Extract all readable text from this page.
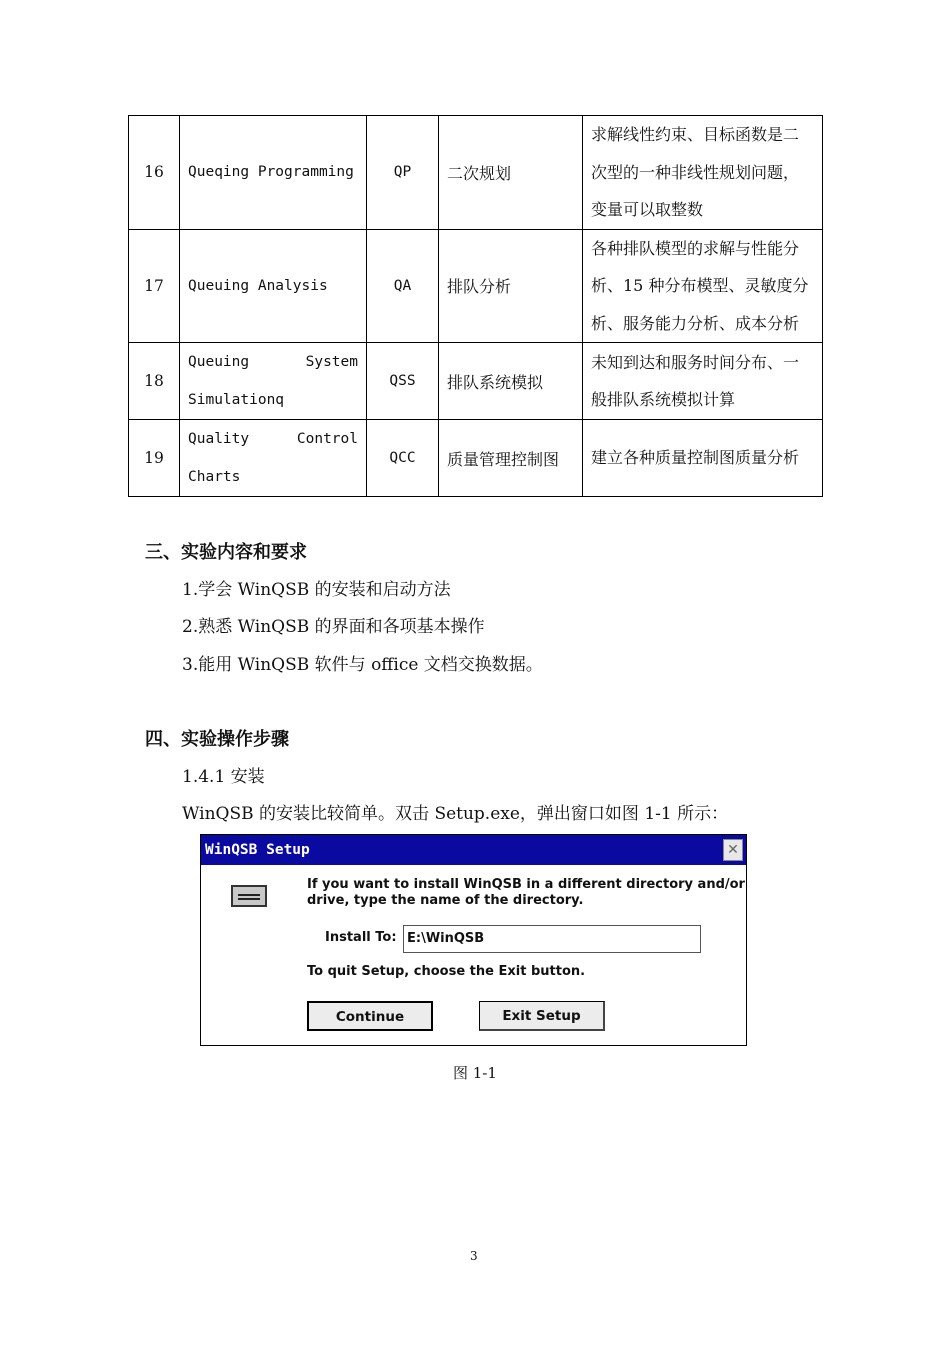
16	Queqing Programming	QP	二次规划	求解线性约束、目标函数是二
次型的一种非线性规划问题，
变量可以取整数

17	Queuing Analysis	QA	排队分析	各种排队模型的求解与性能分
析、15 种分布模型、灵敏度分
析、服务能力分析、成本分析

18	Queuing System Simulationq	QSS	排队系统模拟	未知到达和服务时间分布、一
般排队系统模拟计算

19	Quality Control Charts	QCC	质量管理控制图	建立各种质量控制图质量分析
三、实验内容和要求
1.学会 WinQSB 的安装和启动方法
2.熟悉 WinQSB 的界面和各项基本操作
3.能用 WinQSB 软件与 office 文档交换数据。
四、实验操作步骤
1.4.1 安装
WinQSB 的安装比较简单。双击 Setup.exe，弹出窗口如图 1-1 所示：
WinQSB Setup	✕
If you want to install WinQSB in a different directory and/or
drive, type the name of the directory.
Install To: E:\WinQSB
To quit Setup, choose the Exit button.
Continue	Exit Setup
图 1-1
3
